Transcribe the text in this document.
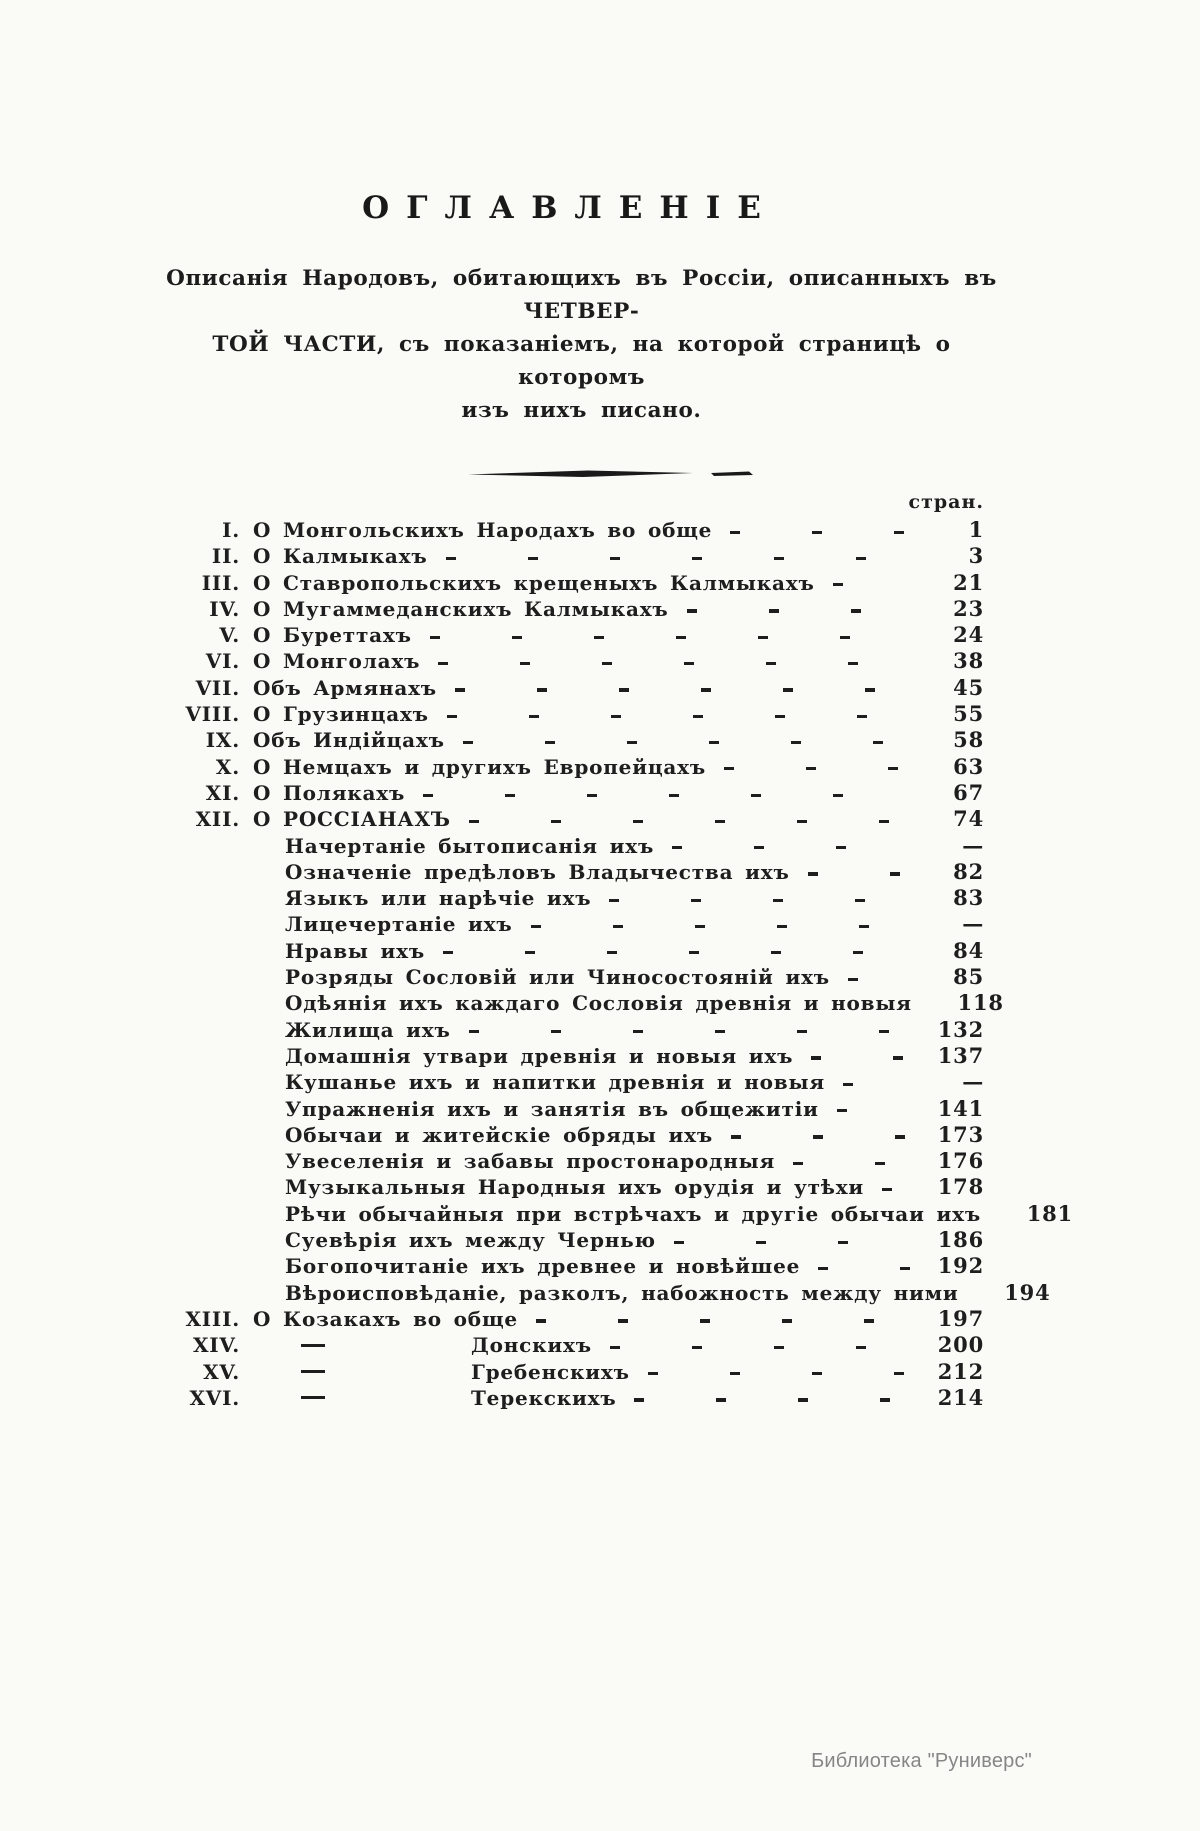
ОГЛАВЛЕНІЕ
Описанія Народовъ, обитающихъ въ Россіи, описанныхъ въ ЧЕТВЕР-
ТОЙ ЧАСТИ, съ показаніемъ, на которой страницѣ о которомъ
изъ нихъ писано.
стран.
I. О Монгольскихъ Народахъ во обще	1
II. О Калмыкахъ	3
III. О Ставропольскихъ крещеныхъ Калмыкахъ	21
IV. О Мугаммеданскихъ Калмыкахъ	23
V. О Буреттахъ	24
VI. О Монголахъ	38
VII. Объ Армянахъ	45
VIII. О Грузинцахъ	55
IX. Объ Индійцахъ	58
X. О Немцахъ и другихъ Европейцахъ	63
XI. О Полякахъ	67
XII. О РОССІАНАХЪ	74
Начертаніе бытописанія ихъ	—
Означеніе предѣловъ Владычества ихъ	82
Языкъ или нарѣчіе ихъ	83
Лицечертаніе ихъ	—
Нравы ихъ	84
Розряды Сословій или Чиносостояній ихъ	85
Одѣянія ихъ каждаго Сословія древнія и новыя	118
Жилища ихъ	132
Домашнія утвари древнія и новыя ихъ	137
Кушанье ихъ и напитки древнія и новыя	—
Упражненія ихъ и занятія въ общежитіи	141
Обычаи и житейскіе обряды ихъ	173
Увеселенія и забавы простонародныя	176
Музыкальныя Народныя ихъ орудія и утѣхи	178
Рѣчи обычайныя при встрѣчахъ и другіе обычаи ихъ	181
Суевѣрія ихъ между Чернью	186
Богопочитаніе ихъ древнее и новѣйшее	192
Вѣроисповѣданіе, разколъ, набожность между ними	194
XIII. О Козакахъ во обще	197
XIV.	Донскихъ	200
XV.	Гребенскихъ	212
XVI.	Терекскихъ	214
Библиотека "Руниверс"
